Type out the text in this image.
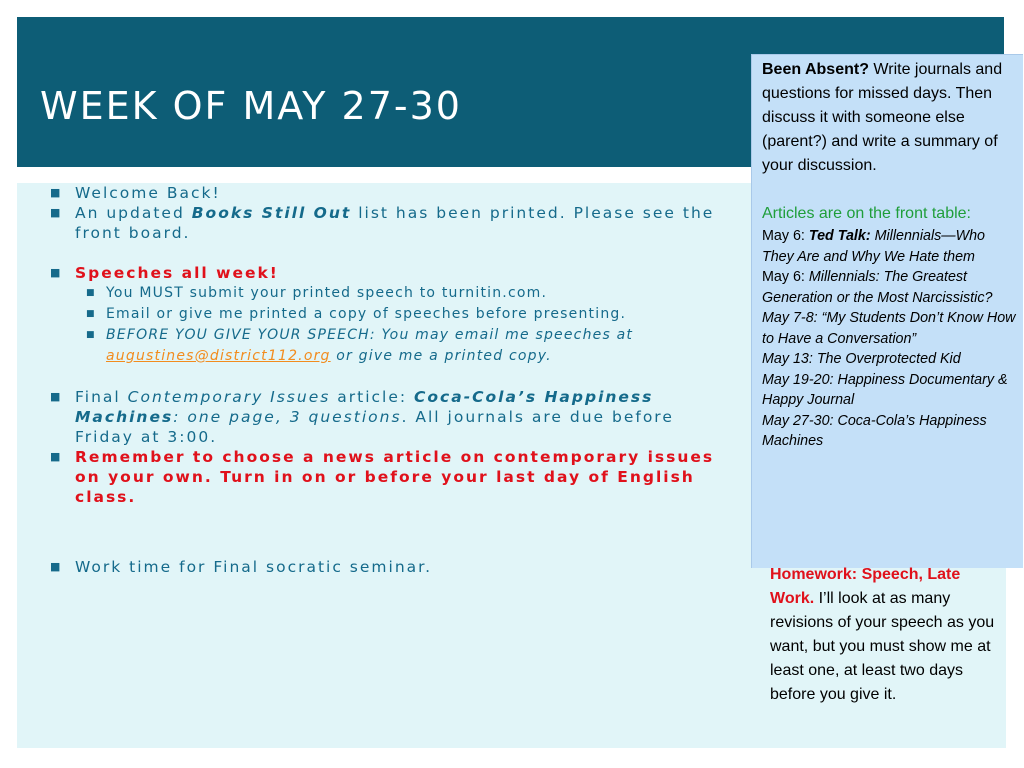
WEEK OF MAY 27-30
■ Welcome Back!
■ An updated Books Still Out list has been printed. Please see the front board.
■ Speeches all week!
■ You MUST submit your printed speech to turnitin.com.
■ Email or give me printed a copy of speeches before presenting.
■ BEFORE YOU GIVE YOUR SPEECH: You may email me speeches at augustines@district112.org or give me a printed copy.
■ Final Contemporary Issues article: Coca-Cola’s Happiness Machines: one page, 3 questions. All journals are due before Friday at 3:00.
■ Remember to choose a news article on contemporary issues on your own. Turn in on or before your last day of English class.
■ Work time for Final socratic seminar.
Been Absent? Write journals and questions for missed days. Then discuss it with someone else (parent?) and write a summary of your discussion.
Articles are on the front table:
May 6: Ted Talk: Millennials—Who They Are and Why We Hate them
May 6: Millennials: The Greatest Generation or the Most Narcissistic?
May 7-8: “My Students Don’t Know How to Have a Conversation”
May 13: The Overprotected Kid
May 19-20: Happiness Documentary & Happy Journal
May 27-30: Coca-Cola’s Happiness Machines
Homework: Speech, Late Work. I’ll look at as many revisions of your speech as you want, but you must show me at least one, at least two days before you give it.
